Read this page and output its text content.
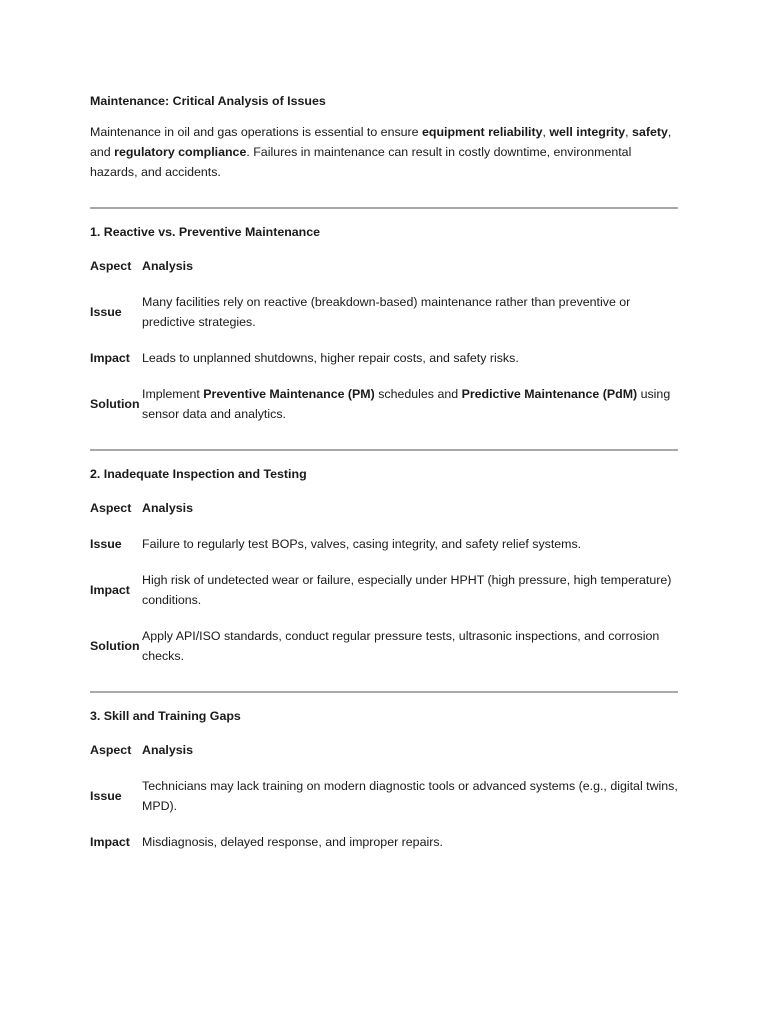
Maintenance: Critical Analysis of Issues

Maintenance in oil and gas operations is essential to ensure equipment reliability, well integrity, safety, and regulatory compliance. Failures in maintenance can result in costly downtime, environmental hazards, and accidents.

1. Reactive vs. Preventive Maintenance
Aspect	Analysis

Issue	Many facilities rely on reactive (breakdown-based) maintenance rather than preventive or predictive strategies.

Impact	Leads to unplanned shutdowns, higher repair costs, and safety risks.

Solution	Implement Preventive Maintenance (PM) schedules and Predictive Maintenance (PdM) using sensor data and analytics.
2. Inadequate Inspection and Testing
Aspect	Analysis

Issue	Failure to regularly test BOPs, valves, casing integrity, and safety relief systems.

Impact	High risk of undetected wear or failure, especially under HPHT (high pressure, high temperature) conditions.

Solution	Apply API/ISO standards, conduct regular pressure tests, ultrasonic inspections, and corrosion checks.
3. Skill and Training Gaps
Aspect	Analysis

Issue	Technicians may lack training on modern diagnostic tools or advanced systems (e.g., digital twins, MPD).

Impact	Misdiagnosis, delayed response, and improper repairs.
